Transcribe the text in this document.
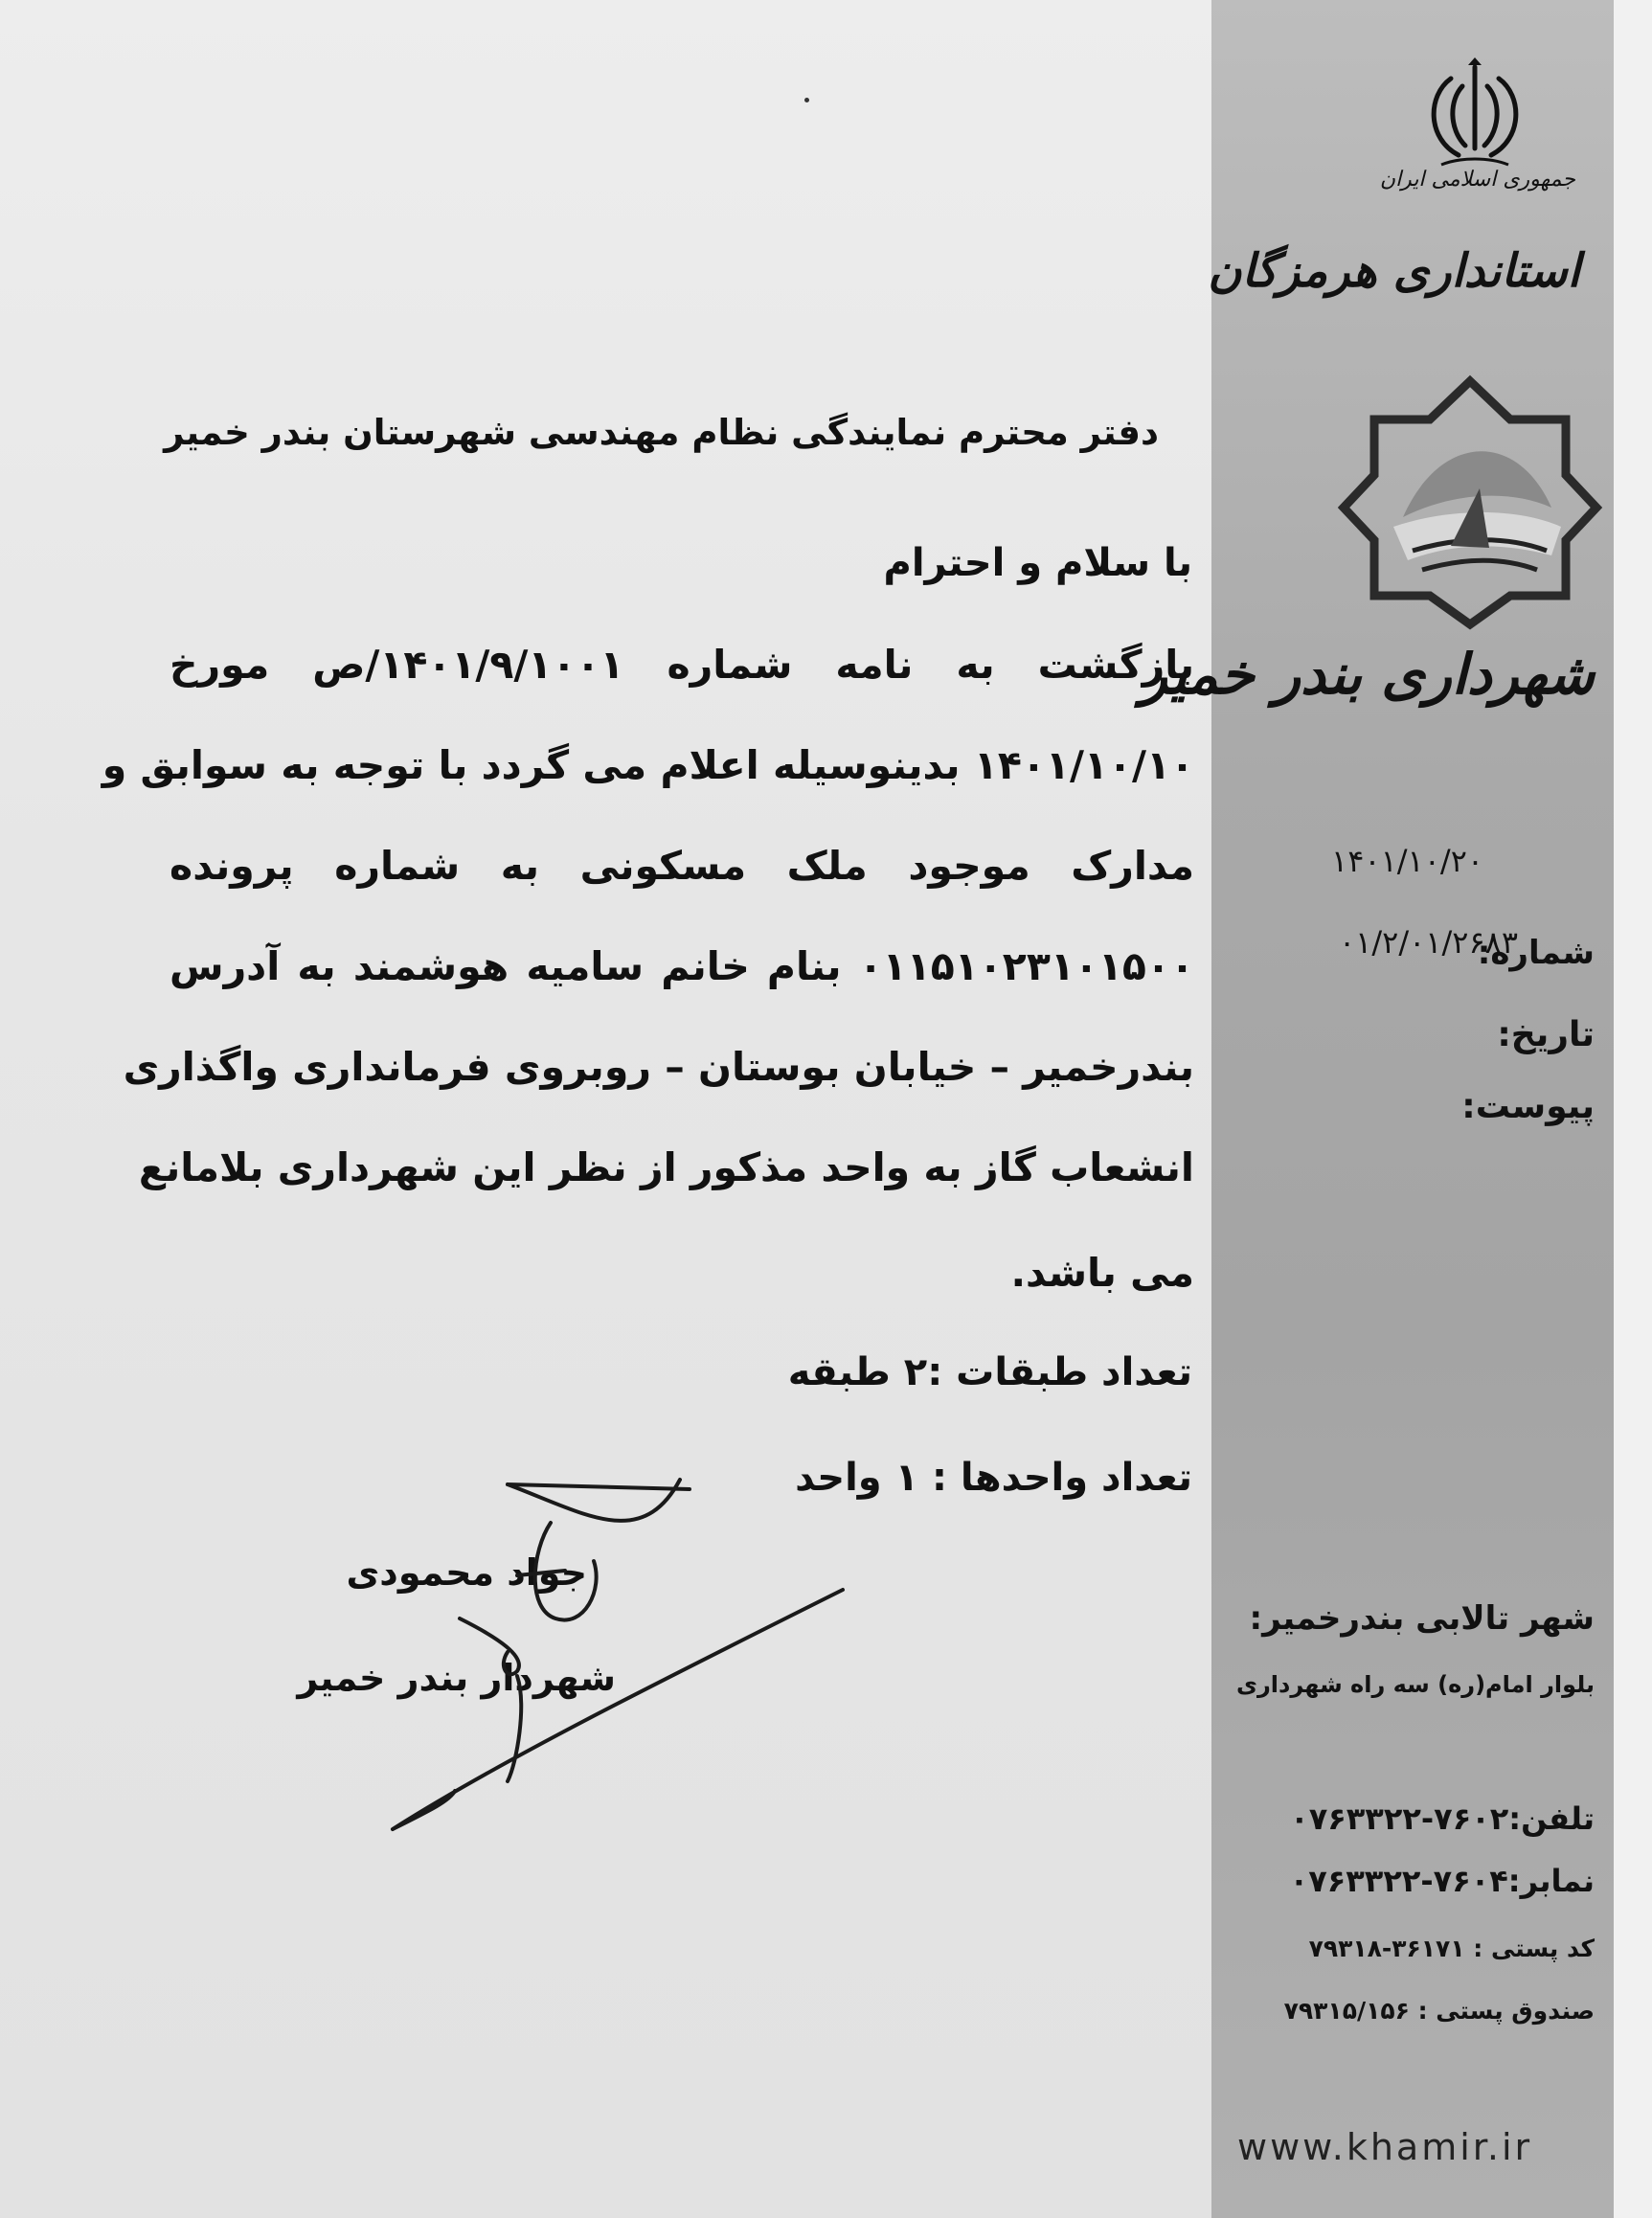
جمهوری اسلامی ایران
استانداری هرمزگان
شهرداری بندر خمیر
۱۴۰۱/۱۰/۲۰
شماره:
۰۱/۲/۰۱/۲۶۸۳
تاریخ:
پیوست:
دفتر محترم نمایندگی نظام مهندسی شهرستان بندر خمیر
با سلام و احترام
بازگشت به نامه شماره ۱۴۰۱/۹/۱۰۰۱/ص مورخ
۱۴۰۱/۱۰/۱۰ بدینوسیله اعلام می گردد با توجه به سوابق و
مدارک موجود ملک مسکونی به شماره پرونده
۰۱۱۵۱۰۲۳۱۰۱۵۰۰ بنام خانم سامیه هوشمند به آدرس
بندرخمیر – خیابان بوستان – روبروی فرمانداری واگذاری
انشعاب گاز به واحد مذکور از نظر این شهرداری بلامانع
می باشد.
تعداد طبقات :۲ طبقه
تعداد واحدها : ۱ واحد
جواد محمودی
شهردار بندر خمیر
شهر تالابی بندرخمیر:
بلوار امام(ره) سه راه شهرداری
تلفن:۷۶۰۲-۰۷۶۳۳۲۲
نمابر:۷۶۰۴-۰۷۶۳۳۲۲
کد پستی : ۳۶۱۷۱-۷۹۳۱۸
صندوق پستی : ۷۹۳۱۵/۱۵۶
www.khamir.ir
